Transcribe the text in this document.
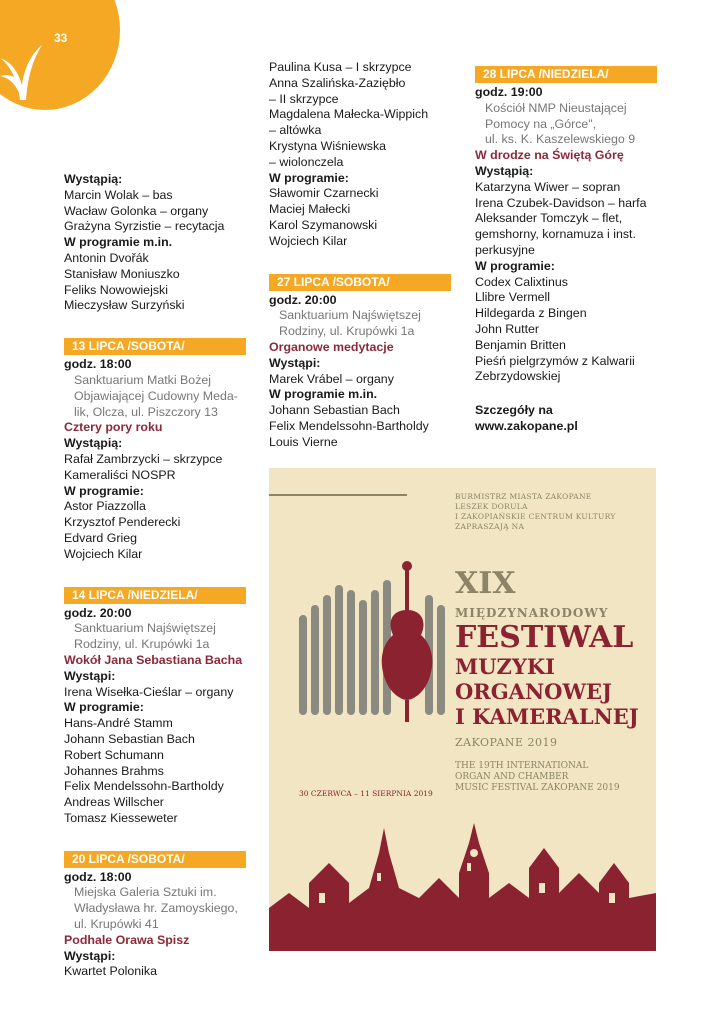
33
Wystąpią:
Marcin Wolak – bas
Wacław Golonka – organy
Grażyna Syrzistie – recytacja
W programie m.in.
Antonin Dvořák
Stanisław Moniuszko
Feliks Nowowiejski
Mieczysław Surzyński
13 LIPCA /SOBOTA/
godz. 18:00
Sanktuarium Matki Bożej
Objawiającej Cudowny Meda-
lik, Olcza, ul. Piszczory 13
Cztery pory roku
Wystąpią:
Rafał Zambrzycki – skrzypce
Kameraliści NOSPR
W programie:
Astor Piazzolla
Krzysztof Penderecki
Edvard Grieg
Wojciech Kilar
14 LIPCA /NIEDZIELA/
godz. 20:00
Sanktuarium Najświętszej
Rodziny, ul. Krupówki 1a
Wokół Jana Sebastiana Bacha
Wystąpi:
Irena Wisełka-Cieślar – organy
W programie:
Hans-André Stamm
Johann Sebastian Bach
Robert Schumann
Johannes Brahms
Felix Mendelssohn-Bartholdy
Andreas Willscher
Tomasz Kiesseweter
20 LIPCA /SOBOTA/
godz. 18:00
Miejska Galeria Sztuki im.
Władysława hr. Zamoyskiego,
ul. Krupówki 41
Podhale Orawa Spisz
Wystąpi:
Kwartet Polonika
Paulina Kusa – I skrzypce
Anna Szalińska-Zaziębło
– II skrzypce
Magdalena Małecka-Wippich
– altówka
Krystyna Wiśniewska
– wiolonczela
W programie:
Sławomir Czarnecki
Maciej Małecki
Karol Szymanowski
Wojciech Kilar
27 LIPCA /SOBOTA/
godz. 20:00
Sanktuarium Najświętszej
Rodziny, ul. Krupówki 1a
Organowe medytacje
Wystąpi:
Marek Vrábel – organy
W programie m.in.
Johann Sebastian Bach
Felix Mendelssohn-Bartholdy
Louis Vierne
28 LIPCA /NIEDZIELA/
godz. 19:00
Kościół NMP Nieustającej
Pomocy na „Górce",
ul. ks. K. Kaszelewskiego 9
W drodze na Świętą Górę
Wystąpią:
Katarzyna Wiwer – sopran
Irena Czubek-Davidson – harfa
Aleksander Tomczyk – flet,
gemshorny, kornamuza i inst.
perkusyjne
W programie:
Codex Calixtinus
Llibre Vermell
Hildegarda z Bingen
John Rutter
Benjamin Britten
Pieśń pielgrzymów z Kalwarii
Zebrzydowskiej
Szczegóły na
www.zakopane.pl
BURMISTRZ MIASTA ZAKOPANE
LESZEK DORULA
I ZAKOPIAŃSKIE CENTRUM KULTURY
ZAPRASZAJĄ NA
XIX
MIĘDZYNARODOWY
FESTIWAL
MUZYKI
ORGANOWEJ
I KAMERALNEJ
ZAKOPANE 2019
THE 19TH INTERNATIONAL
ORGAN AND CHAMBER
MUSIC FESTIVAL ZAKOPANE 2019
30 CZERWCA – 11 SIERPNIA 2019
